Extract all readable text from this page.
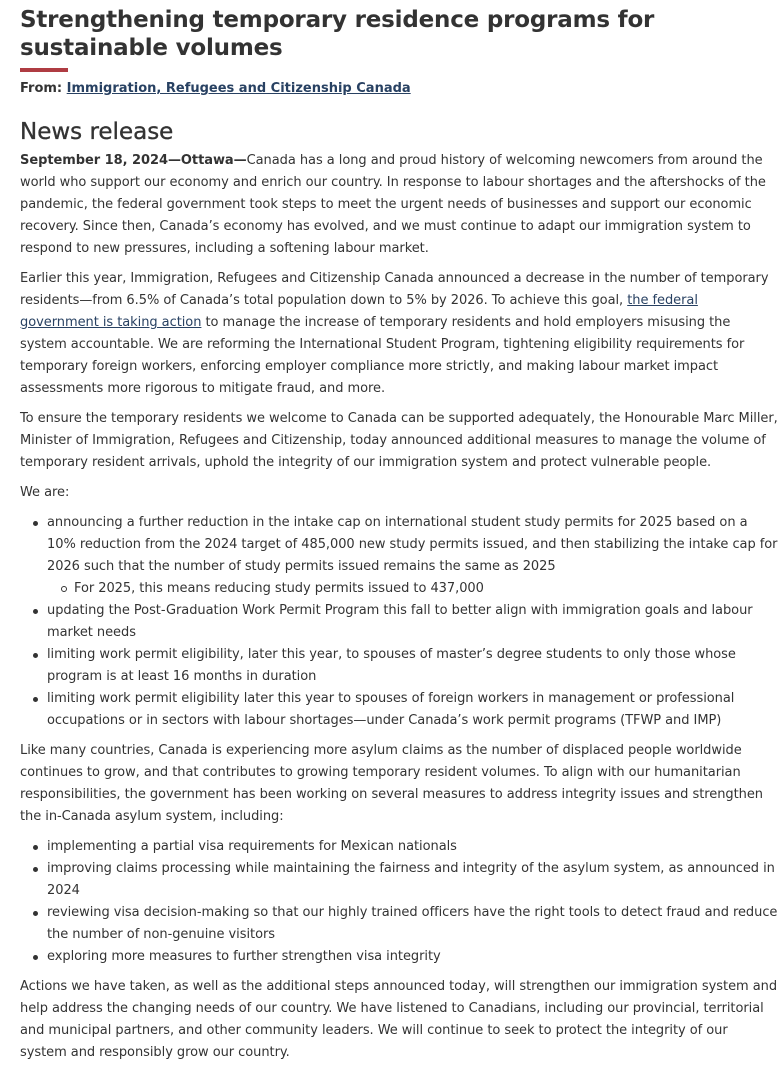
Strengthening temporary residence programs for sustainable volumes
From: Immigration, Refugees and Citizenship Canada
News release

September 18, 2024—Ottawa—Canada has a long and proud history of welcoming newcomers from around the world who support our economy and enrich our country. In response to labour shortages and the aftershocks of the pandemic, the federal government took steps to meet the urgent needs of businesses and support our economic recovery. Since then, Canada’s economy has evolved, and we must continue to adapt our immigration system to respond to new pressures, including a softening labour market.

Earlier this year, Immigration, Refugees and Citizenship Canada announced a decrease in the number of temporary residents—from 6.5% of Canada’s total population down to 5% by 2026. To achieve this goal, the federal government is taking action to manage the increase of temporary residents and hold employers misusing the system accountable. We are reforming the International Student Program, tightening eligibility requirements for temporary foreign workers, enforcing employer compliance more strictly, and making labour market impact assessments more rigorous to mitigate fraud, and more.

To ensure the temporary residents we welcome to Canada can be supported adequately, the Honourable Marc Miller, Minister of Immigration, Refugees and Citizenship, today announced additional measures to manage the volume of temporary resident arrivals, uphold the integrity of our immigration system and protect vulnerable people.

We are:

announcing a further reduction in the intake cap on international student study permits for 2025 based on a 10% reduction from the 2024 target of 485,000 new study permits issued, and then stabilizing the intake cap for 2026 such that the number of study permits issued remains the same as 2025
For 2025, this means reducing study permits issued to 437,000
updating the Post-Graduation Work Permit Program this fall to better align with immigration goals and labour market needs
limiting work permit eligibility, later this year, to spouses of master’s degree students to only those whose program is at least 16 months in duration
limiting work permit eligibility later this year to spouses of foreign workers in management or professional occupations or in sectors with labour shortages—under Canada’s work permit programs (TFWP and IMP)

Like many countries, Canada is experiencing more asylum claims as the number of displaced people worldwide continues to grow, and that contributes to growing temporary resident volumes. To align with our humanitarian responsibilities, the government has been working on several measures to address integrity issues and strengthen the in-Canada asylum system, including:

implementing a partial visa requirements for Mexican nationals
improving claims processing while maintaining the fairness and integrity of the asylum system, as announced in 2024
reviewing visa decision-making so that our highly trained officers have the right tools to detect fraud and reduce the number of non-genuine visitors
exploring more measures to further strengthen visa integrity

Actions we have taken, as well as the additional steps announced today, will strengthen our immigration system and help address the changing needs of our country. We have listened to Canadians, including our provincial, territorial and municipal partners, and other community leaders. We will continue to seek to protect the integrity of our system and responsibly grow our country.
